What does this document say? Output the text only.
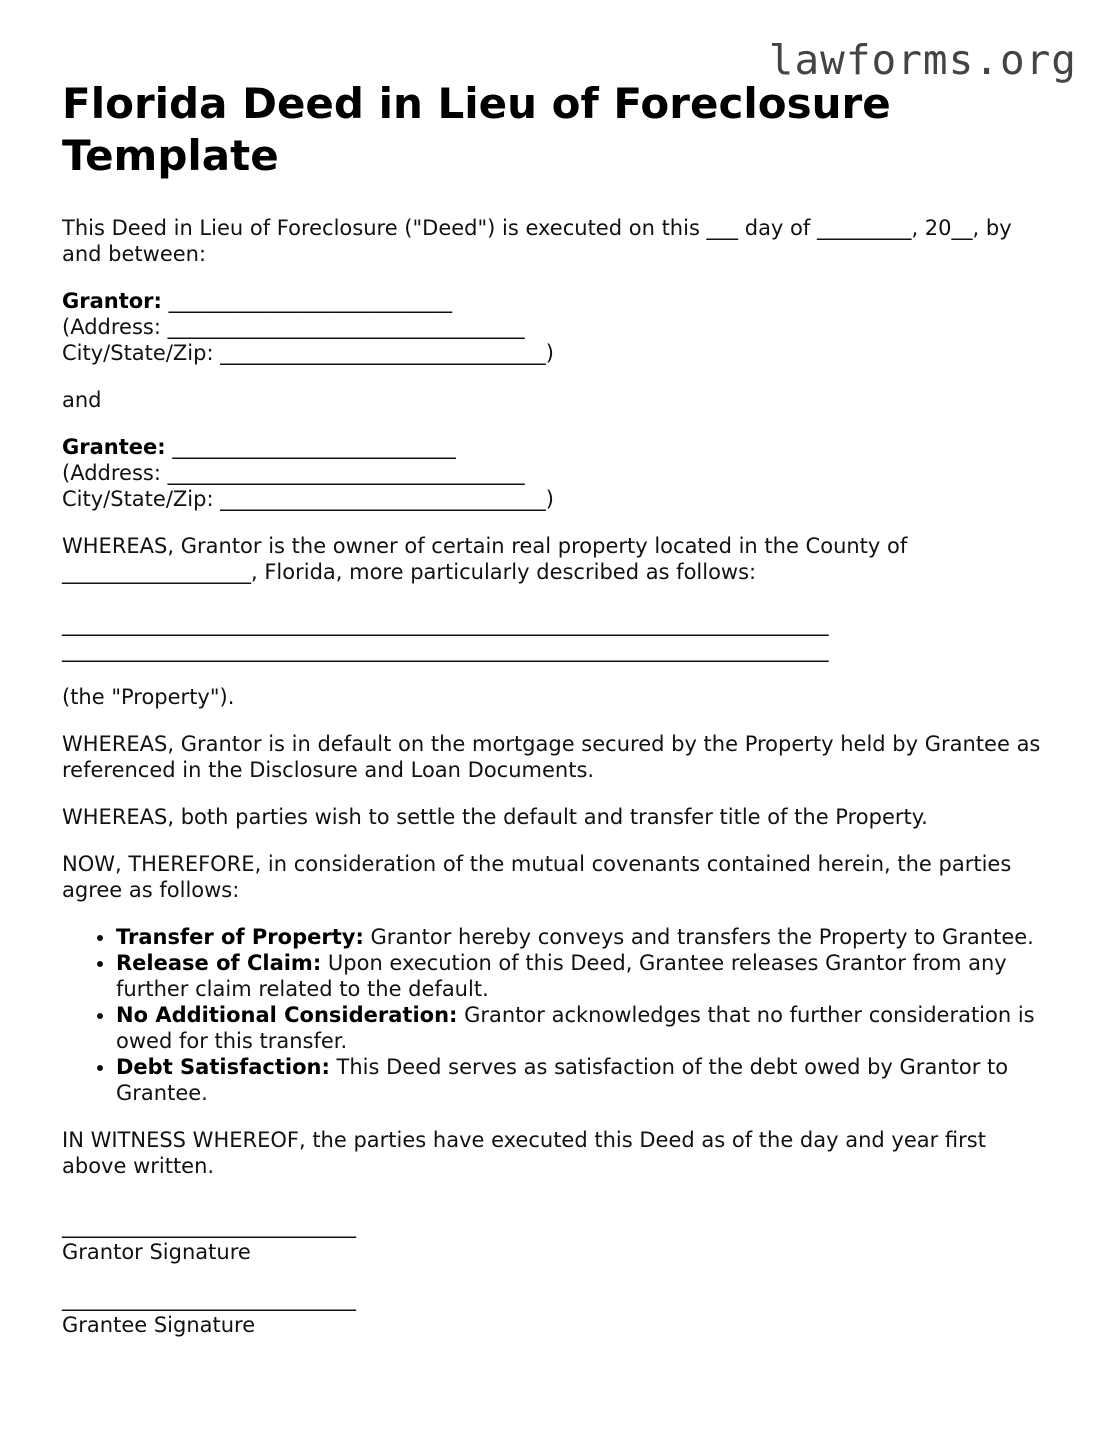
lawforms.org
Florida Deed in Lieu of Foreclosure Template

This Deed in Lieu of Foreclosure ("Deed") is executed on this ___ day of _________, 20__, by and between:

Grantor: ___________________________
(Address: __________________________________
City/State/Zip: _______________________________)

and

Grantee: ___________________________
(Address: __________________________________
City/State/Zip: _______________________________)

WHEREAS, Grantor is the owner of certain real property located in the County of __________________, Florida, more particularly described as follows:

_________________________________________________________________________
_________________________________________________________________________

(the "Property").

WHEREAS, Grantor is in default on the mortgage secured by the Property held by Grantee as referenced in the Disclosure and Loan Documents.

WHEREAS, both parties wish to settle the default and transfer title of the Property.

NOW, THEREFORE, in consideration of the mutual covenants contained herein, the parties agree as follows:

• Transfer of Property: Grantor hereby conveys and transfers the Property to Grantee.
• Release of Claim: Upon execution of this Deed, Grantee releases Grantor from any further claim related to the default.
• No Additional Consideration: Grantor acknowledges that no further consideration is owed for this transfer.
• Debt Satisfaction: This Deed serves as satisfaction of the debt owed by Grantor to Grantee.

IN WITNESS WHEREOF, the parties have executed this Deed as of the day and year first above written.

____________________________
Grantor Signature
____________________________
Grantee Signature
